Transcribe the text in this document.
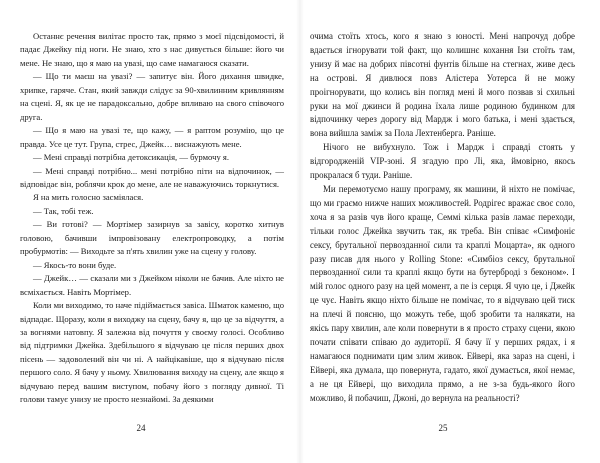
Останнє речення вилітає просто так, прямо з моєї підсвідомості, й падає Джейку під ноги. Не знаю, хто з нас дивується більше: його чи мене. Не знаю, що я маю на увазі, що саме намагаюся сказати.

— Що ти маєш на увазі? — запитує він. Його дихання швидке, хрипке, гаряче. Стан, який завжди слідує за 90-хвилинним кривлянням на сцені. Я, як це не парадоксально, добре впливаю на свого співочого друга.

— Що я маю на увазі те, що кажу, — я раптом розумію, що це правда. Усе це тут. Група, стрес, Джейк… виснажують мене.

— Мені справді потрібна детоксикація, — бурмочу я.

— Мені справді потрібно... мені потрібно піти на відпочинок, — відповідає він, роблячи крок до мене, але не наважуючись торкнутися.

Я на мить голосно засміялася.

— Так, тобі теж.

— Ви готові? — Мортімер зазирнув за завісу, коротко хитнув головою, бачивши імпровізовану електропроводку, а потім пробурмотів: — Виходьте за п'ять хвилин уже на сцену у голову.

— Якось-то вони буде.

— Джейк… — сказали ми з Джейком ніколи не бачив. Але ніхто не всміхається. Навіть Мортімер.

Коли ми виходимо, то наче підіймається завіса. Шматок каменю, що відпадає. Щоразу, коли я виходжу на сцену, бачу я, що це за відчуття, а за вогнями натовпу. Я залежна від почуття у своєму голосі. Особливо від підтримки Джейка. Здебільшого я відчуваю це після перших двох пісень — задоволений він чи ні. А найцікавіше, що я відчуваю після першого соло. Я бачу у ньому. Хвилювання виходу на сцену, але якщо я відчуваю перед вашим виступом, побачу його з погляду дивної. Ті голови тамує унизу не просто незнайомі. За деякими

24

очима стоїть хтось, кого я знаю з юності. Мені напрочуд добре вдається ігнорувати той факт, що колишнє кохання Ізи стоїть там, унизу й має на добрих півсотні фунтів більше на стегнах, живе десь на острові. Я дивлюся повз Алістера Уотерса й не можу проігнорувати, що колись він погляд мені й мого позвав зі схильні руки на мої джинси й родина їхала лише родиною будинком для відпочинку через дорогу від Мардж і мого батька, і мені здається, вона вийшла заміж за Пола Лехтенберга. Раніше.

Нічого не вибухнуло. Тож і Мардж і справді стоять у відгородженій VIP-зоні. Я згадую про Лі, яка, ймовірно, якось прокралася б туди. Раніше.

Ми перемотуємо нашу програму, як машини, й ніхто не помічає, що ми граємо нижче наших можливостей. Родрігес вражає своє соло, хоча я за разів чув його краще, Семмі кілька разів ламає переходи, тільки голос Джейка звучить так, як треба. Він співає «Симфоніє сексу, брутальної первозданної сили та краплі Моцарта», як одного разу писав для нього у Rolling Stone: «Симбіоз сексу, брутальної первозданної сили та краплі якщо бути на бутербродi з беконом». І мій голос одного разу на цей момент, а пе із серця. Я чую це, і Джейк це чує. Навіть якщо ніхто більше не помічає, то я відчуваю цей тиск на плечі й поясню, що можуть тебе, щоб зробити та налякати, на якісь пару хвилин, але коли повернути в я просто страху сцени, якою почати співати співаю до аудиторії. Я бачу її у перших рядах, і я намагаюся поднимати цим злим живок. Ейвері, яка зараз на сцені, і Ейвері, яка думала, що повернута, гадато, якої думається, якої немає, а не ця Ейвері, що виходила прямо, а не з-за будь-якого його можливо, й побачиш, Джоні, до вернула на реальності?

25
